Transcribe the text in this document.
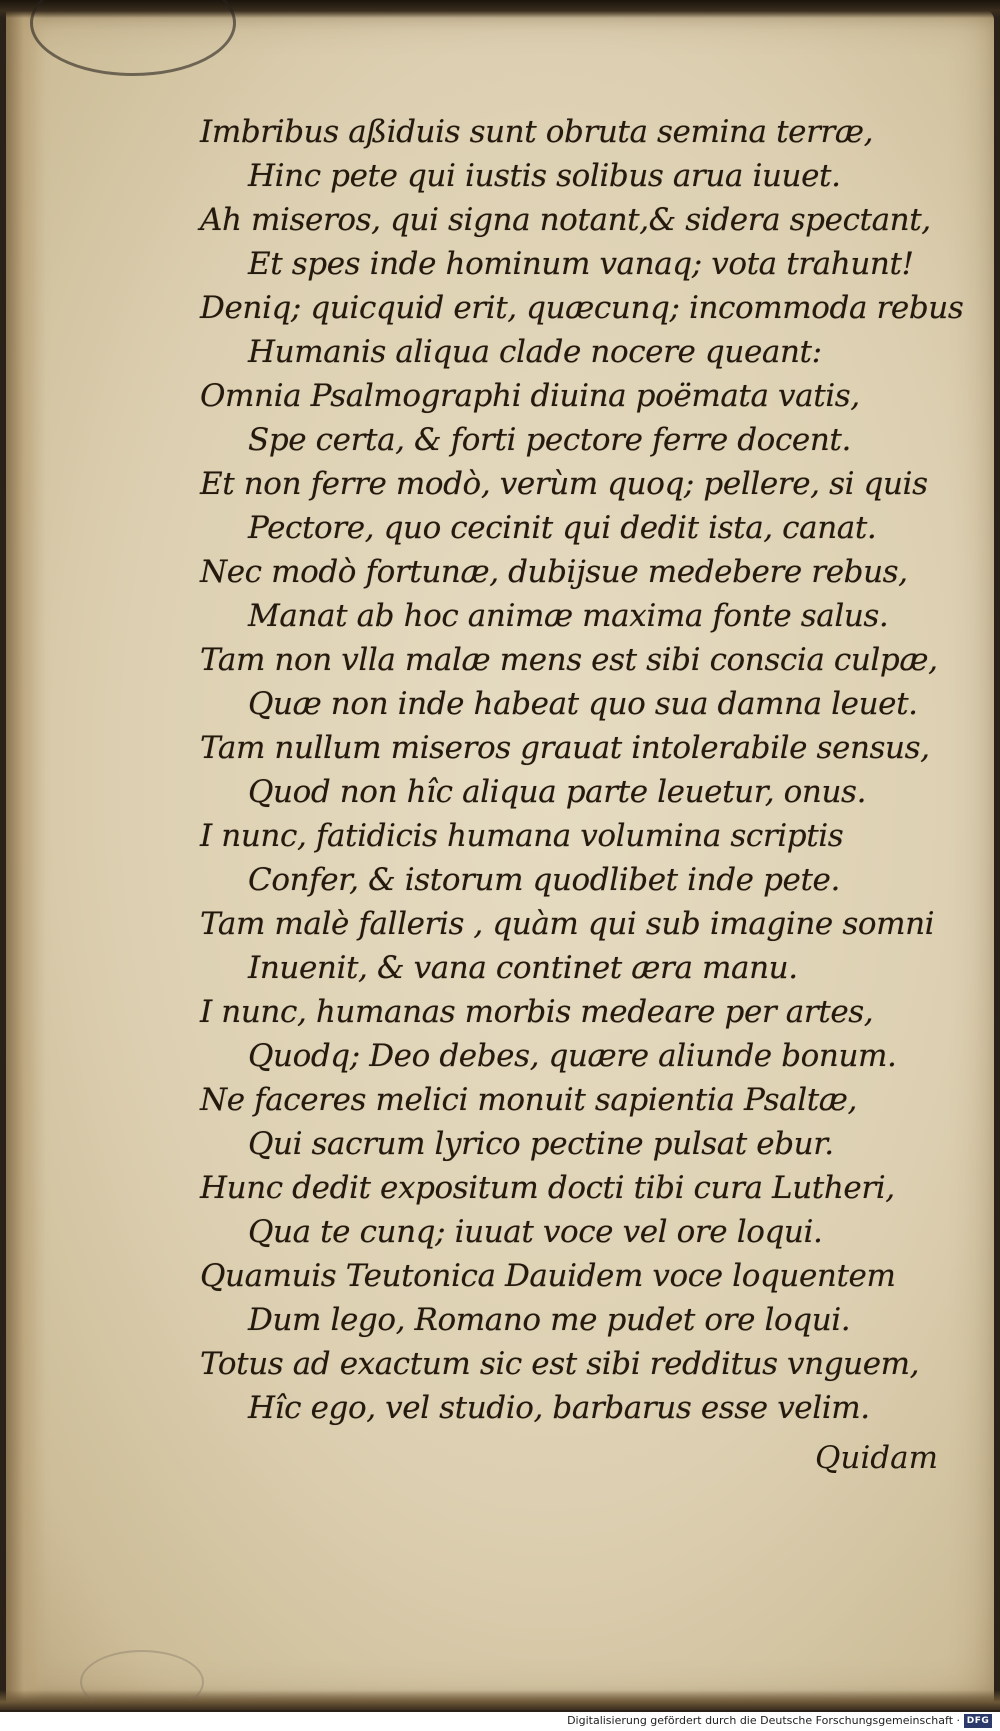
Imbribus aßiduis sunt obruta semina terræ,
Hinc pete qui iustis solibus arua iuuet.
Ah miseros, qui signa notant,& sidera spectant,
Et spes inde hominum vanaq; vota trahunt!
Deniq; quicquid erit, quæcunq; incommoda rebus
Humanis aliqua clade nocere queant:
Omnia Psalmographi diuina poëmata vatis,
Spe certa, & forti pectore ferre docent.
Et non ferre modò, verùm quoq; pellere, si quis
Pectore, quo cecinit qui dedit ista, canat.
Nec modò fortunæ, dubijsue medebere rebus,
Manat ab hoc animæ maxima fonte salus.
Tam non vlla malæ mens est sibi conscia culpæ,
Quæ non inde habeat quo sua damna leuet.
Tam nullum miseros grauat intolerabile sensus,
Quod non hîc aliqua parte leuetur, onus.
I nunc, fatidicis humana volumina scriptis
Confer, & istorum quodlibet inde pete.
Tam malè falleris , quàm qui sub imagine somni
Inuenit, & vana continet æra manu.
I nunc, humanas morbis medeare per artes,
Quodq; Deo debes, quære aliunde bonum.
Ne faceres melici monuit sapientia Psaltæ,
Qui sacrum lyrico pectine pulsat ebur.
Hunc dedit expositum docti tibi cura Lutheri,
Qua te cunq; iuuat voce vel ore loqui.
Quamuis Teutonica Dauidem voce loquentem
Dum lego, Romano me pudet ore loqui.
Totus ad exactum sic est sibi redditus vnguem,
Hîc ego, vel studio, barbarus esse velim.
Quidam
Digitalisierung gefördert durch die Deutsche Forschungsgemeinschaft · DFG
